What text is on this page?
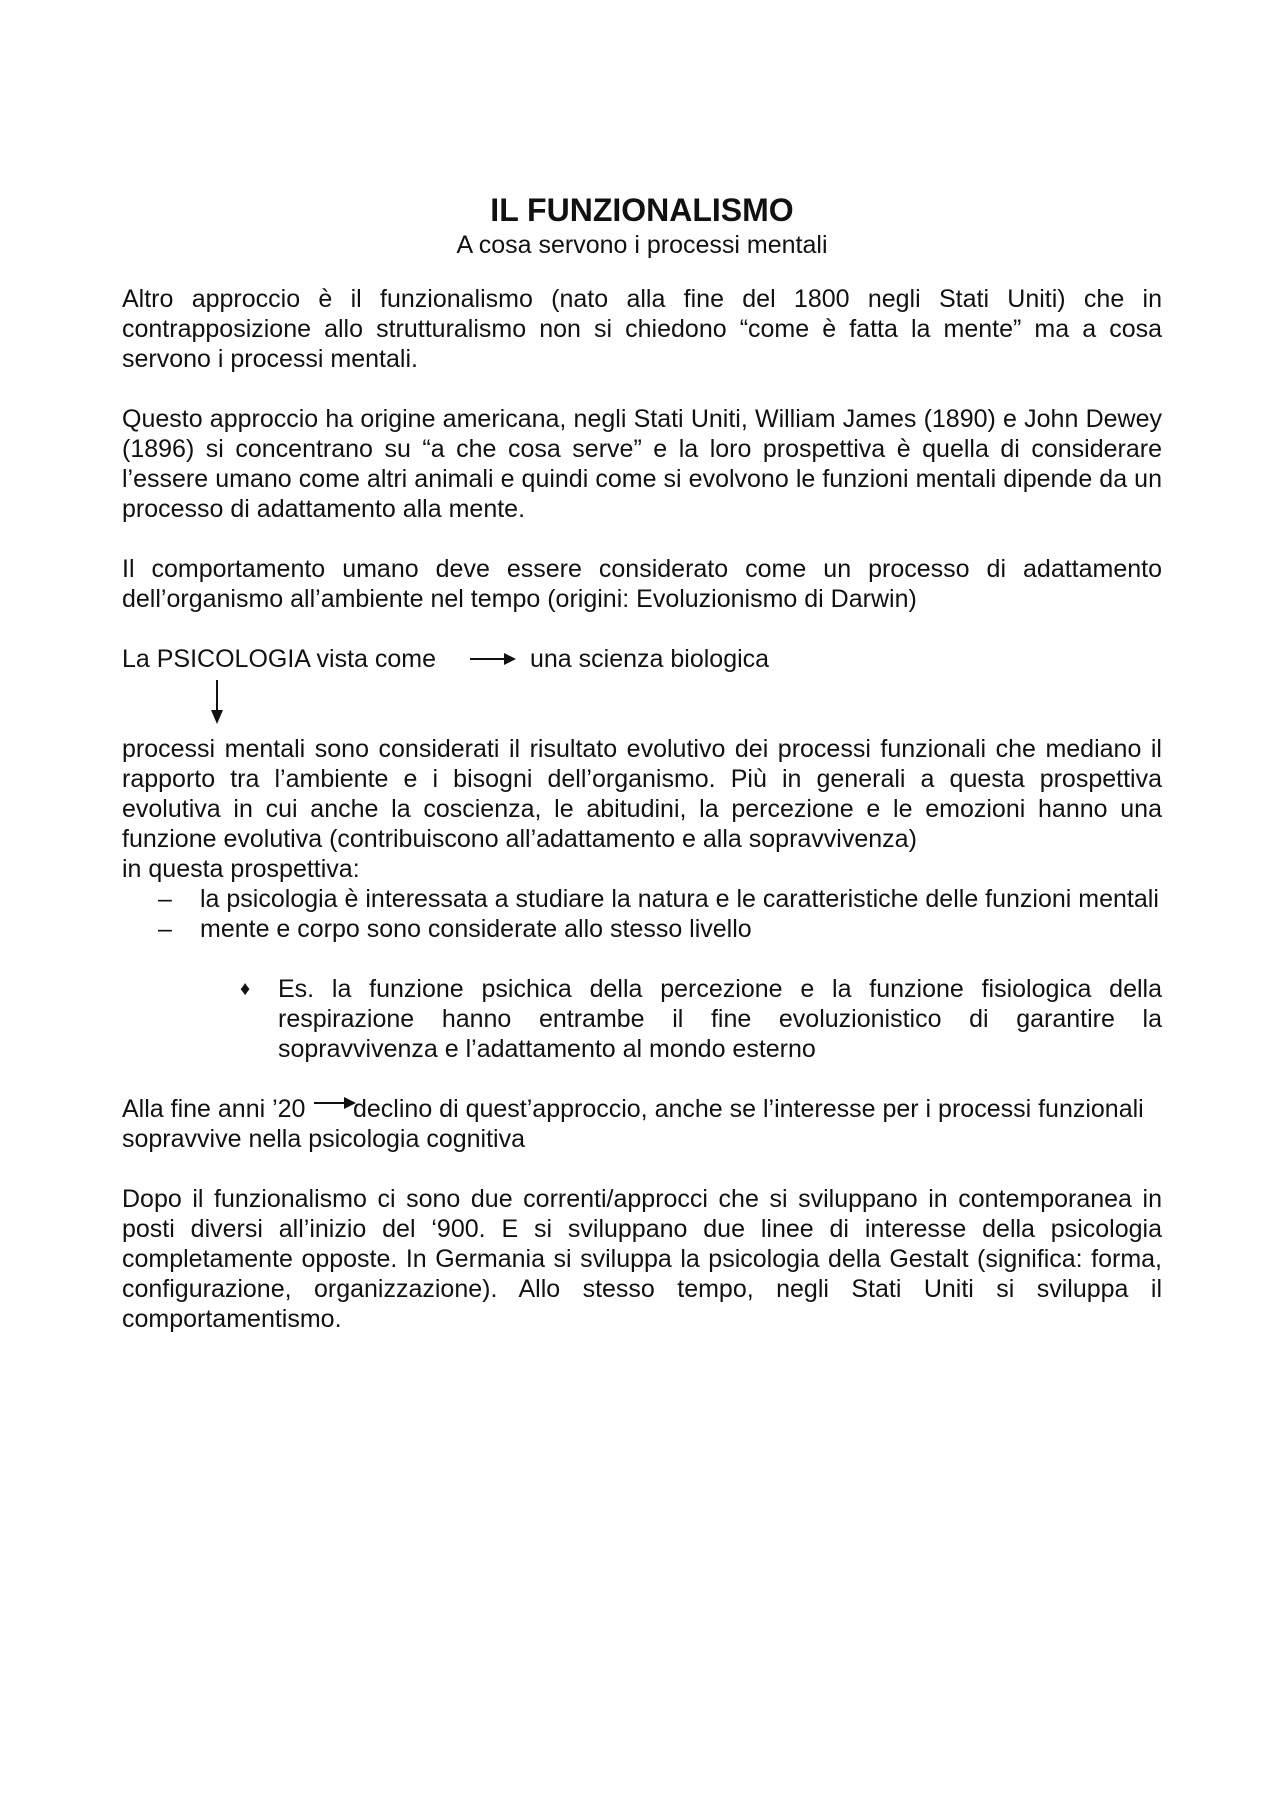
IL FUNZIONALISMO
A cosa servono i processi mentali

Altro approccio è il funzionalismo (nato alla fine del 1800 negli Stati Uniti) che in contrapposizione allo strutturalismo non si chiedono “come è fatta la mente” ma a cosa servono i processi mentali.

Questo approccio ha origine americana, negli Stati Uniti, William James (1890) e John Dewey (1896) si concentrano su “a che cosa serve” e la loro prospettiva è quella di considerare l’essere umano come altri animali e quindi come si evolvono le funzioni mentali dipende da un processo di adattamento alla mente.

Il comportamento umano deve essere considerato come un processo di adattamento dell’organismo all’ambiente nel tempo (origini: Evoluzionismo di Darwin)

La PSICOLOGIA vista come	una scienza biologica

processi mentali sono considerati il risultato evolutivo dei processi funzionali che mediano il rapporto tra l’ambiente e i bisogni dell’organismo. Più in generali a questa prospettiva evolutiva in cui anche la coscienza, le abitudini, la percezione e le emozioni hanno una funzione evolutiva (contribuiscono all’adattamento e alla sopravvivenza)

in questa prospettiva:
– la psicologia è interessata a studiare la natura e le caratteristiche delle funzioni mentali
– mente e corpo sono considerate allo stesso livello
♦ Es. la funzione psichica della percezione e la funzione fisiologica della respirazione hanno entrambe il fine evoluzionistico di garantire la sopravvivenza e l’adattamento al mondo esterno
Alla fine anni ’20 declino di quest’approccio, anche se l’interesse per i processi funzionali
sopravvive nella psicologia cognitiva

Dopo il funzionalismo ci sono due correnti/approcci che si sviluppano in contemporanea in posti diversi all’inizio del ‘900. E si sviluppano due linee di interesse della psicologia completamente opposte. In Germania si sviluppa la psicologia della Gestalt (significa: forma, configurazione, organizzazione). Allo stesso tempo, negli Stati Uniti si sviluppa il comportamentismo.
